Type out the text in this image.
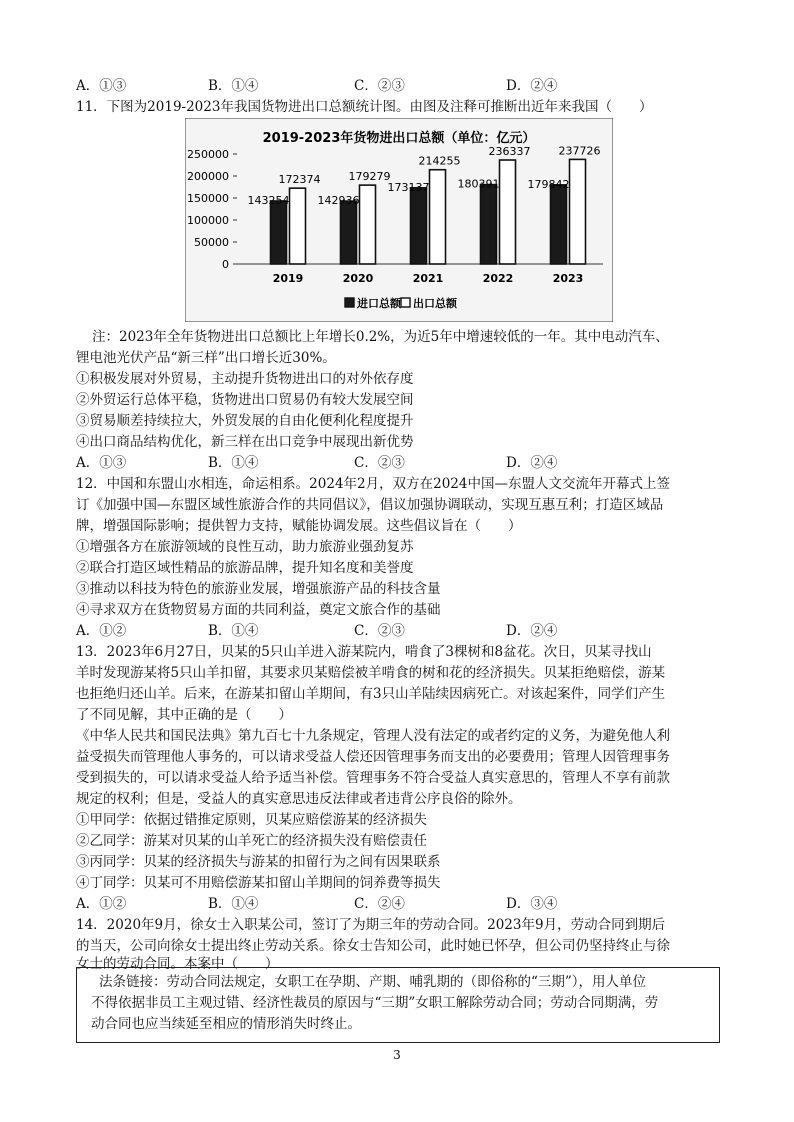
A．①③	B．①④	C．②③	D．②④
11．下图为2019-2023年我国货物进出口总额统计图。由图及注释可推断出近年来我国（　　）
2019-2023年货物进出口总额（单位：亿元）
0
50000
100000
150000
200000
250000
143254
172374
142936
179279
173137
214255
180391
236337
179842
237726
2019	2020	2021	2022	2023
进口总额 出口总额
注：2023年全年货物进出口总额比上年增长0.2%，为近5年中增速较低的一年。其中电动汽车、
锂电池光伏产品“新三样”出口增长近30%。
①积极发展对外贸易，主动提升货物进出口的对外依存度
②外贸运行总体平稳，货物进出口贸易仍有较大发展空间
③贸易顺差持续拉大，外贸发展的自由化便利化程度提升
④出口商品结构优化，新三样在出口竞争中展现出新优势
A．①③	B．①④	C．②③	D．②④
12．中国和东盟山水相连，命运相系。2024年2月，双方在2024中国—东盟人文交流年开幕式上签
订《加强中国—东盟区域性旅游合作的共同倡议》，倡议加强协调联动，实现互惠互利；打造区域品
牌，增强国际影响；提供智力支持，赋能协调发展。这些倡议旨在（　　）
①增强各方在旅游领域的良性互动，助力旅游业强劲复苏
②联合打造区域性精品的旅游品牌，提升知名度和美誉度
③推动以科技为特色的旅游业发展，增强旅游产品的科技含量
④寻求双方在货物贸易方面的共同利益，奠定文旅合作的基础
A．①②	B．①④	C．②③	D．②④
13．2023年6月27日，贝某的5只山羊进入游某院内，啃食了3棵树和8盆花。次日，贝某寻找山
羊时发现游某将5只山羊扣留，其要求贝某赔偿被羊啃食的树和花的经济损失。贝某拒绝赔偿，游某
也拒绝归还山羊。后来，在游某扣留山羊期间，有3只山羊陆续因病死亡。对该起案件，同学们产生
了不同见解，其中正确的是（　　）
《中华人民共和国民法典》第九百七十九条规定，管理人没有法定的或者约定的义务，为避免他人利
益受损失而管理他人事务的，可以请求受益人偿还因管理事务而支出的必要费用；管理人因管理事务
受到损失的，可以请求受益人给予适当补偿。管理事务不符合受益人真实意思的，管理人不享有前款
规定的权利；但是，受益人的真实意思违反法律或者违背公序良俗的除外。
①甲同学：依据过错推定原则，贝某应赔偿游某的经济损失
②乙同学：游某对贝某的山羊死亡的经济损失没有赔偿责任
③丙同学：贝某的经济损失与游某的扣留行为之间有因果联系
④丁同学：贝某可不用赔偿游某扣留山羊期间的饲养费等损失
A．①②	B．①④	C．②④	D．③④
14．2020年9月，徐女士入职某公司，签订了为期三年的劳动合同。2023年9月，劳动合同到期后
的当天，公司向徐女士提出终止劳动关系。徐女士告知公司，此时她已怀孕，但公司仍坚持终止与徐
女士的劳动合同。本案中（　　）
法条链接：劳动合同法规定，女职工在孕期、产期、哺乳期的（即俗称的“三期”），用人单位
不得依据非员工主观过错、经济性裁员的原因与“三期”女职工解除劳动合同；劳动合同期满，劳
动合同也应当续延至相应的情形消失时终止。
3
